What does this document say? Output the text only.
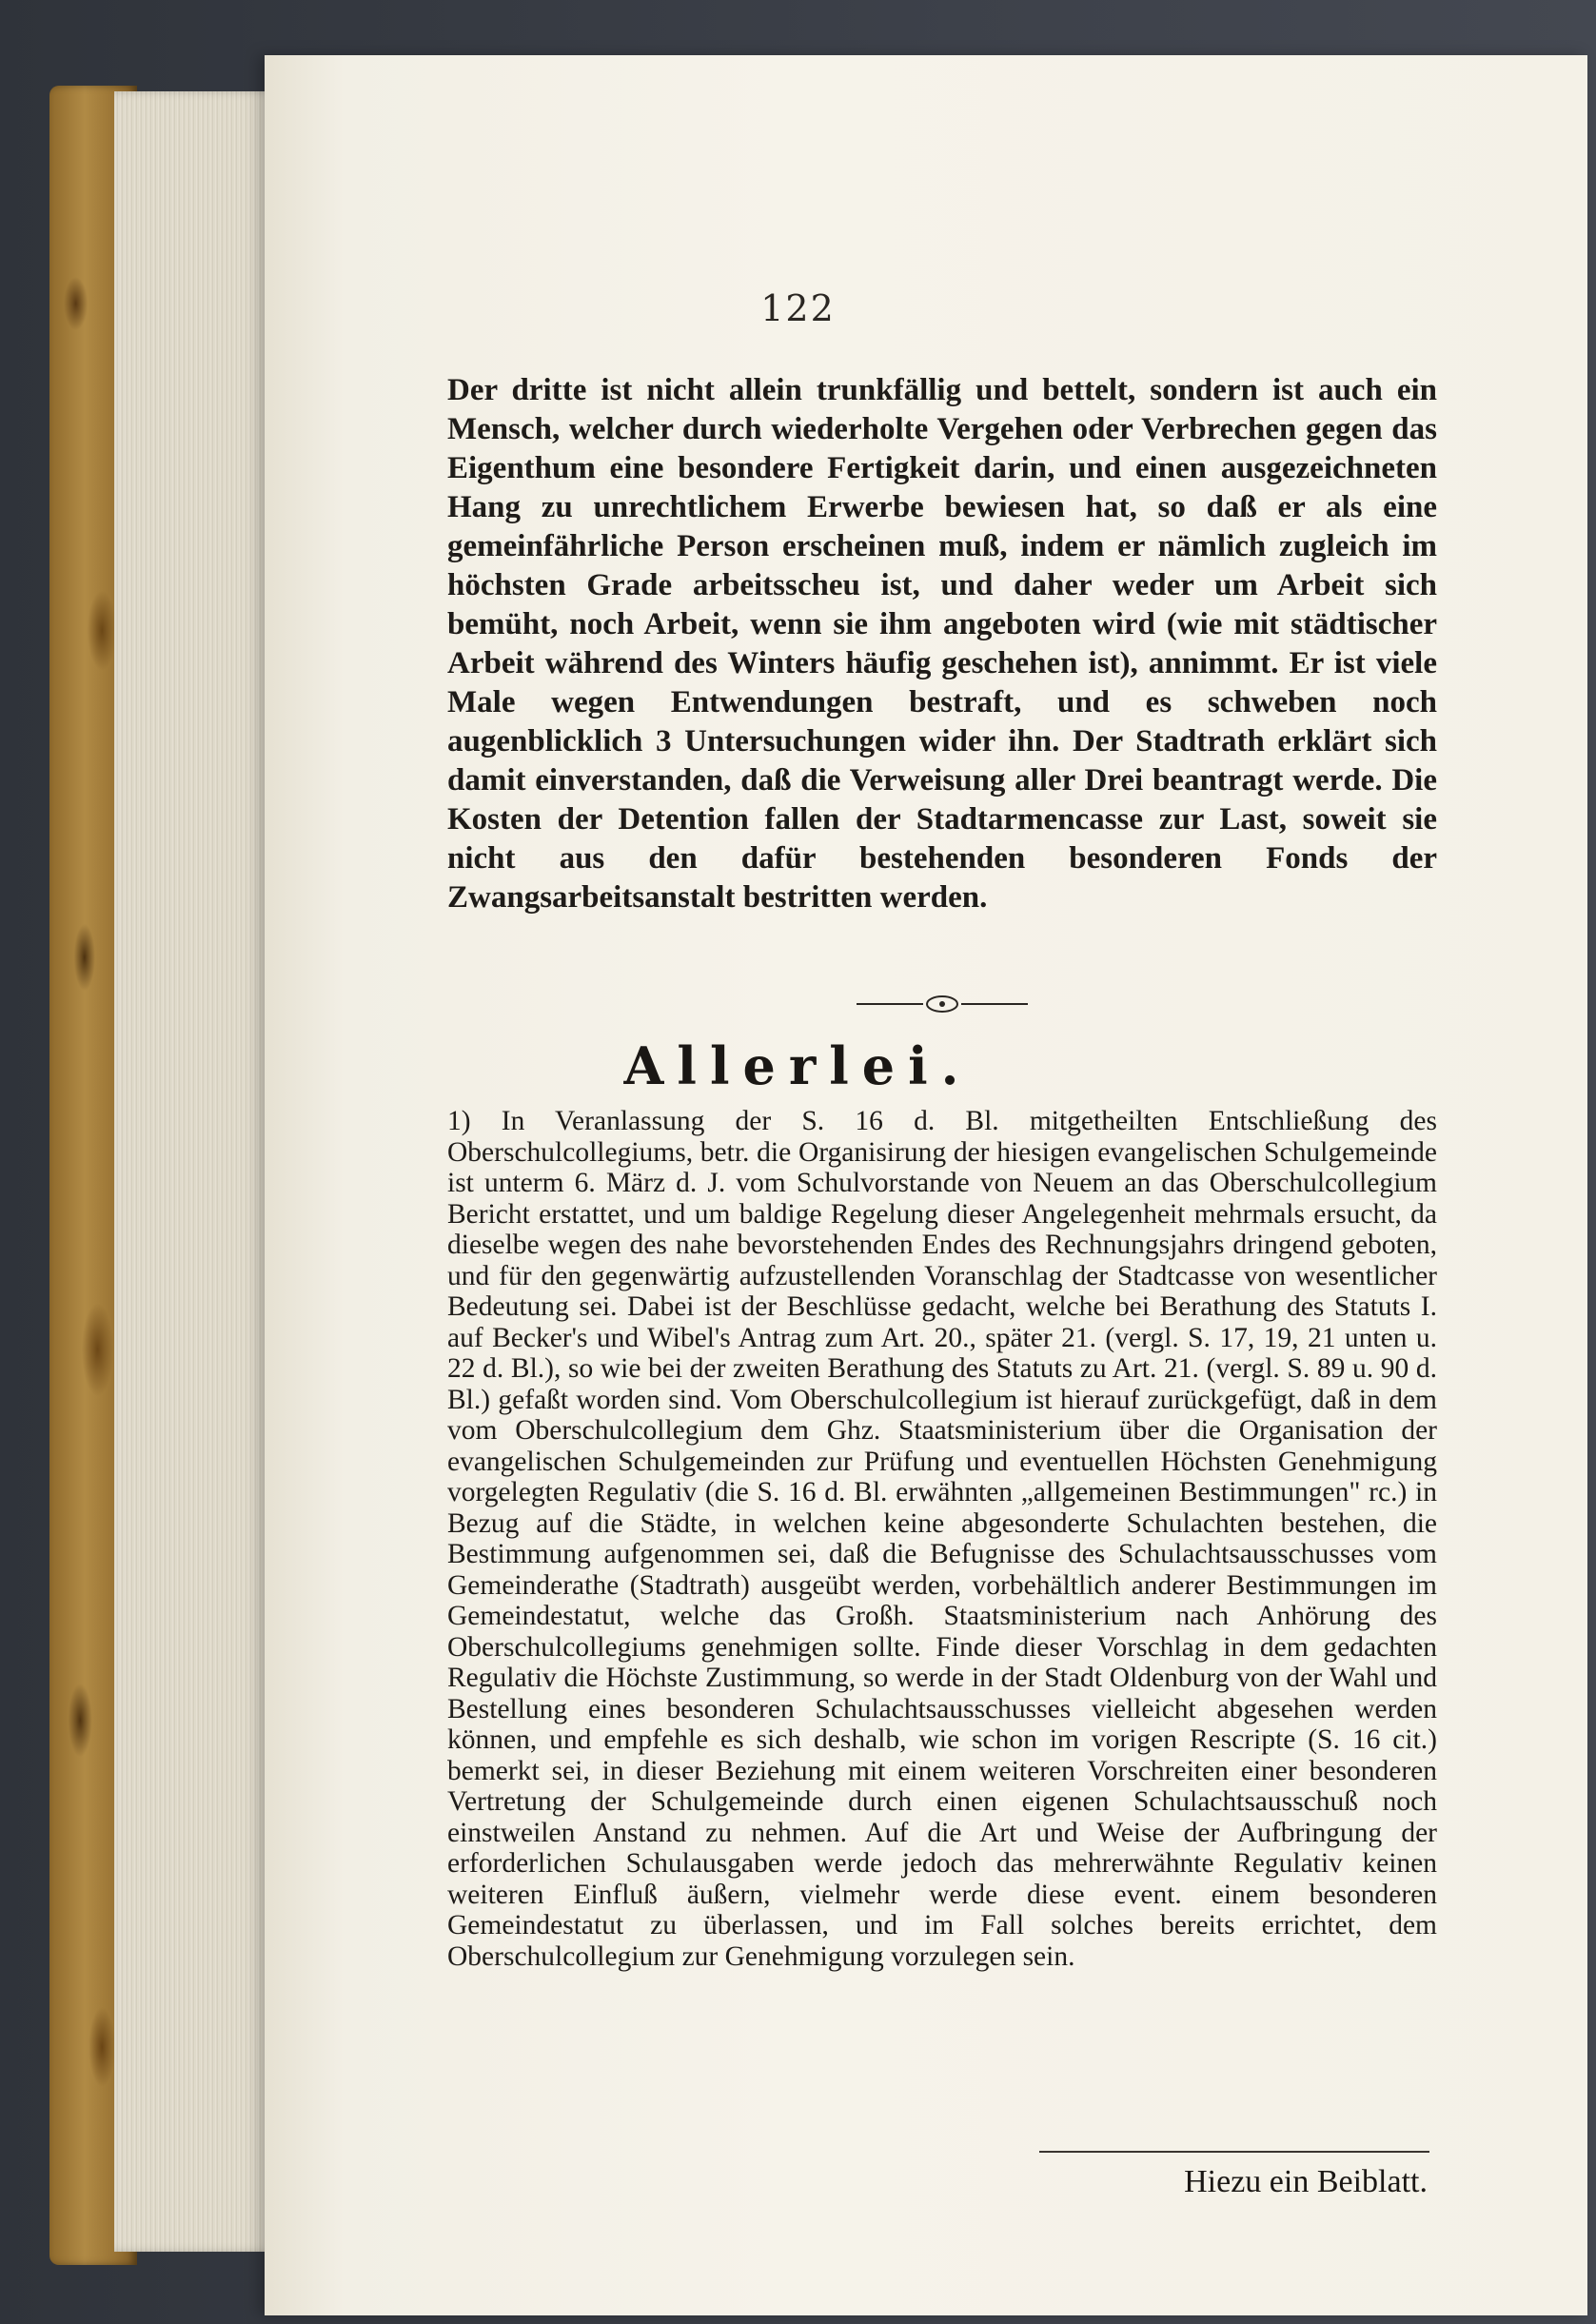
122
Der dritte ist nicht allein trunkfällig und bettelt, sondern ist auch ein Mensch, welcher durch wiederholte Vergehen oder Verbrechen gegen das Eigenthum eine besondere Fertigkeit darin, und einen ausgezeichneten Hang zu unrechtlichem Erwerbe bewiesen hat, so daß er als eine gemeinfährliche Person erscheinen muß, indem er nämlich zugleich im höchsten Grade arbeitsscheu ist, und daher weder um Arbeit sich bemüht, noch Arbeit, wenn sie ihm angeboten wird (wie mit städtischer Arbeit während des Winters häufig geschehen ist), annimmt. Er ist viele Male wegen Entwendungen bestraft, und es schweben noch augenblicklich 3 Untersuchungen wider ihn. Der Stadtrath erklärt sich damit einverstanden, daß die Verweisung aller Drei beantragt werde. Die Kosten der Detention fallen der Stadtarmencasse zur Last, soweit sie nicht aus den dafür bestehenden besonderen Fonds der Zwangsarbeitsanstalt bestritten werden.
Allerlei.
1) In Veranlassung der S. 16 d. Bl. mitgetheilten Entschließung des Oberschulcollegiums, betr. die Organisirung der hiesigen evangelischen Schulgemeinde ist unterm 6. März d. J. vom Schulvorstande von Neuem an das Oberschulcollegium Bericht erstattet, und um baldige Regelung dieser Angelegenheit mehrmals ersucht, da dieselbe wegen des nahe bevorstehenden Endes des Rechnungsjahrs dringend geboten, und für den gegenwärtig aufzustellenden Voranschlag der Stadtcasse von wesentlicher Bedeutung sei. Dabei ist der Beschlüsse gedacht, welche bei Berathung des Statuts I. auf Becker's und Wibel's Antrag zum Art. 20., später 21. (vergl. S. 17, 19, 21 unten u. 22 d. Bl.), so wie bei der zweiten Berathung des Statuts zu Art. 21. (vergl. S. 89 u. 90 d. Bl.) gefaßt worden sind. Vom Oberschulcollegium ist hierauf zurückgefügt, daß in dem vom Oberschulcollegium dem Ghz. Staatsministerium über die Organisation der evangelischen Schulgemeinden zur Prüfung und eventuellen Höchsten Genehmigung vorgelegten Regulativ (die S. 16 d. Bl. erwähnten „allgemeinen Bestimmungen" rc.) in Bezug auf die Städte, in welchen keine abgesonderte Schulachten bestehen, die Bestimmung aufgenommen sei, daß die Befugnisse des Schulachtsausschusses vom Gemeinderathe (Stadtrath) ausgeübt werden, vorbehältlich anderer Bestimmungen im Gemeindestatut, welche das Großh. Staatsministerium nach Anhörung des Oberschulcollegiums genehmigen sollte. Finde dieser Vorschlag in dem gedachten Regulativ die Höchste Zustimmung, so werde in der Stadt Oldenburg von der Wahl und Bestellung eines besonderen Schulachtsausschusses vielleicht abgesehen werden können, und empfehle es sich deshalb, wie schon im vorigen Rescripte (S. 16 cit.) bemerkt sei, in dieser Beziehung mit einem weiteren Vorschreiten einer besonderen Vertretung der Schulgemeinde durch einen eigenen Schulachtsausschuß noch einstweilen Anstand zu nehmen. Auf die Art und Weise der Aufbringung der erforderlichen Schulausgaben werde jedoch das mehrerwähnte Regulativ keinen weiteren Einfluß äußern, vielmehr werde diese event. einem besonderen Gemeindestatut zu überlassen, und im Fall solches bereits errichtet, dem Oberschulcollegium zur Genehmigung vorzulegen sein.
Hiezu ein Beiblatt.
